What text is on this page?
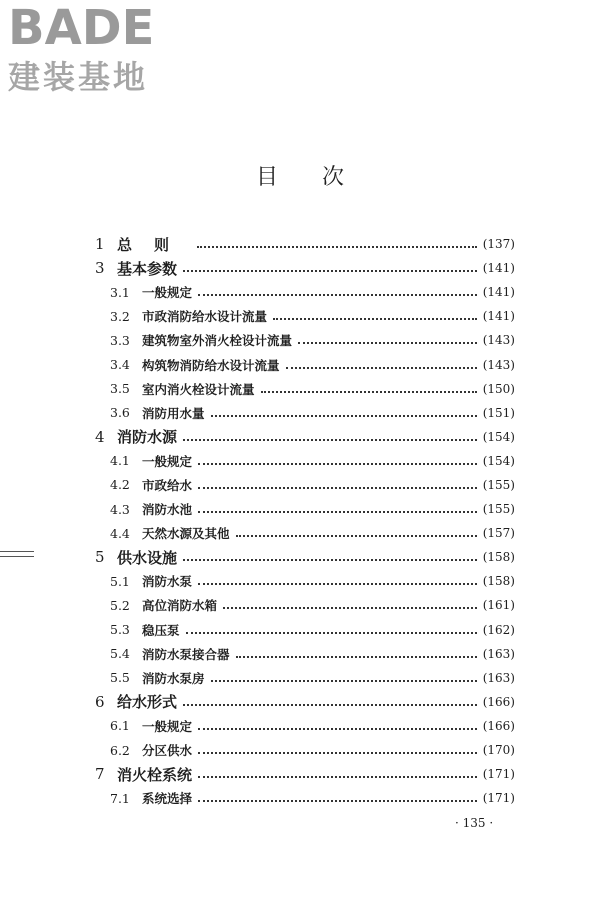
BADE
建装基地
目次
1 总则	(137)
3 基本参数	(141)
3.1 一般规定	(141)
3.2 市政消防给水设计流量	(141)
3.3 建筑物室外消火栓设计流量	(143)
3.4 构筑物消防给水设计流量	(143)
3.5 室内消火栓设计流量	(150)
3.6 消防用水量	(151)
4 消防水源	(154)
4.1 一般规定	(154)
4.2 市政给水	(155)
4.3 消防水池	(155)
4.4 天然水源及其他	(157)
5 供水设施	(158)
5.1 消防水泵	(158)
5.2 高位消防水箱	(161)
5.3 稳压泵	(162)
5.4 消防水泵接合器	(163)
5.5 消防水泵房	(163)
6 给水形式	(166)
6.1 一般规定	(166)
6.2 分区供水	(170)
7 消火栓系统	(171)
7.1 系统选择	(171)
· 135 ·
